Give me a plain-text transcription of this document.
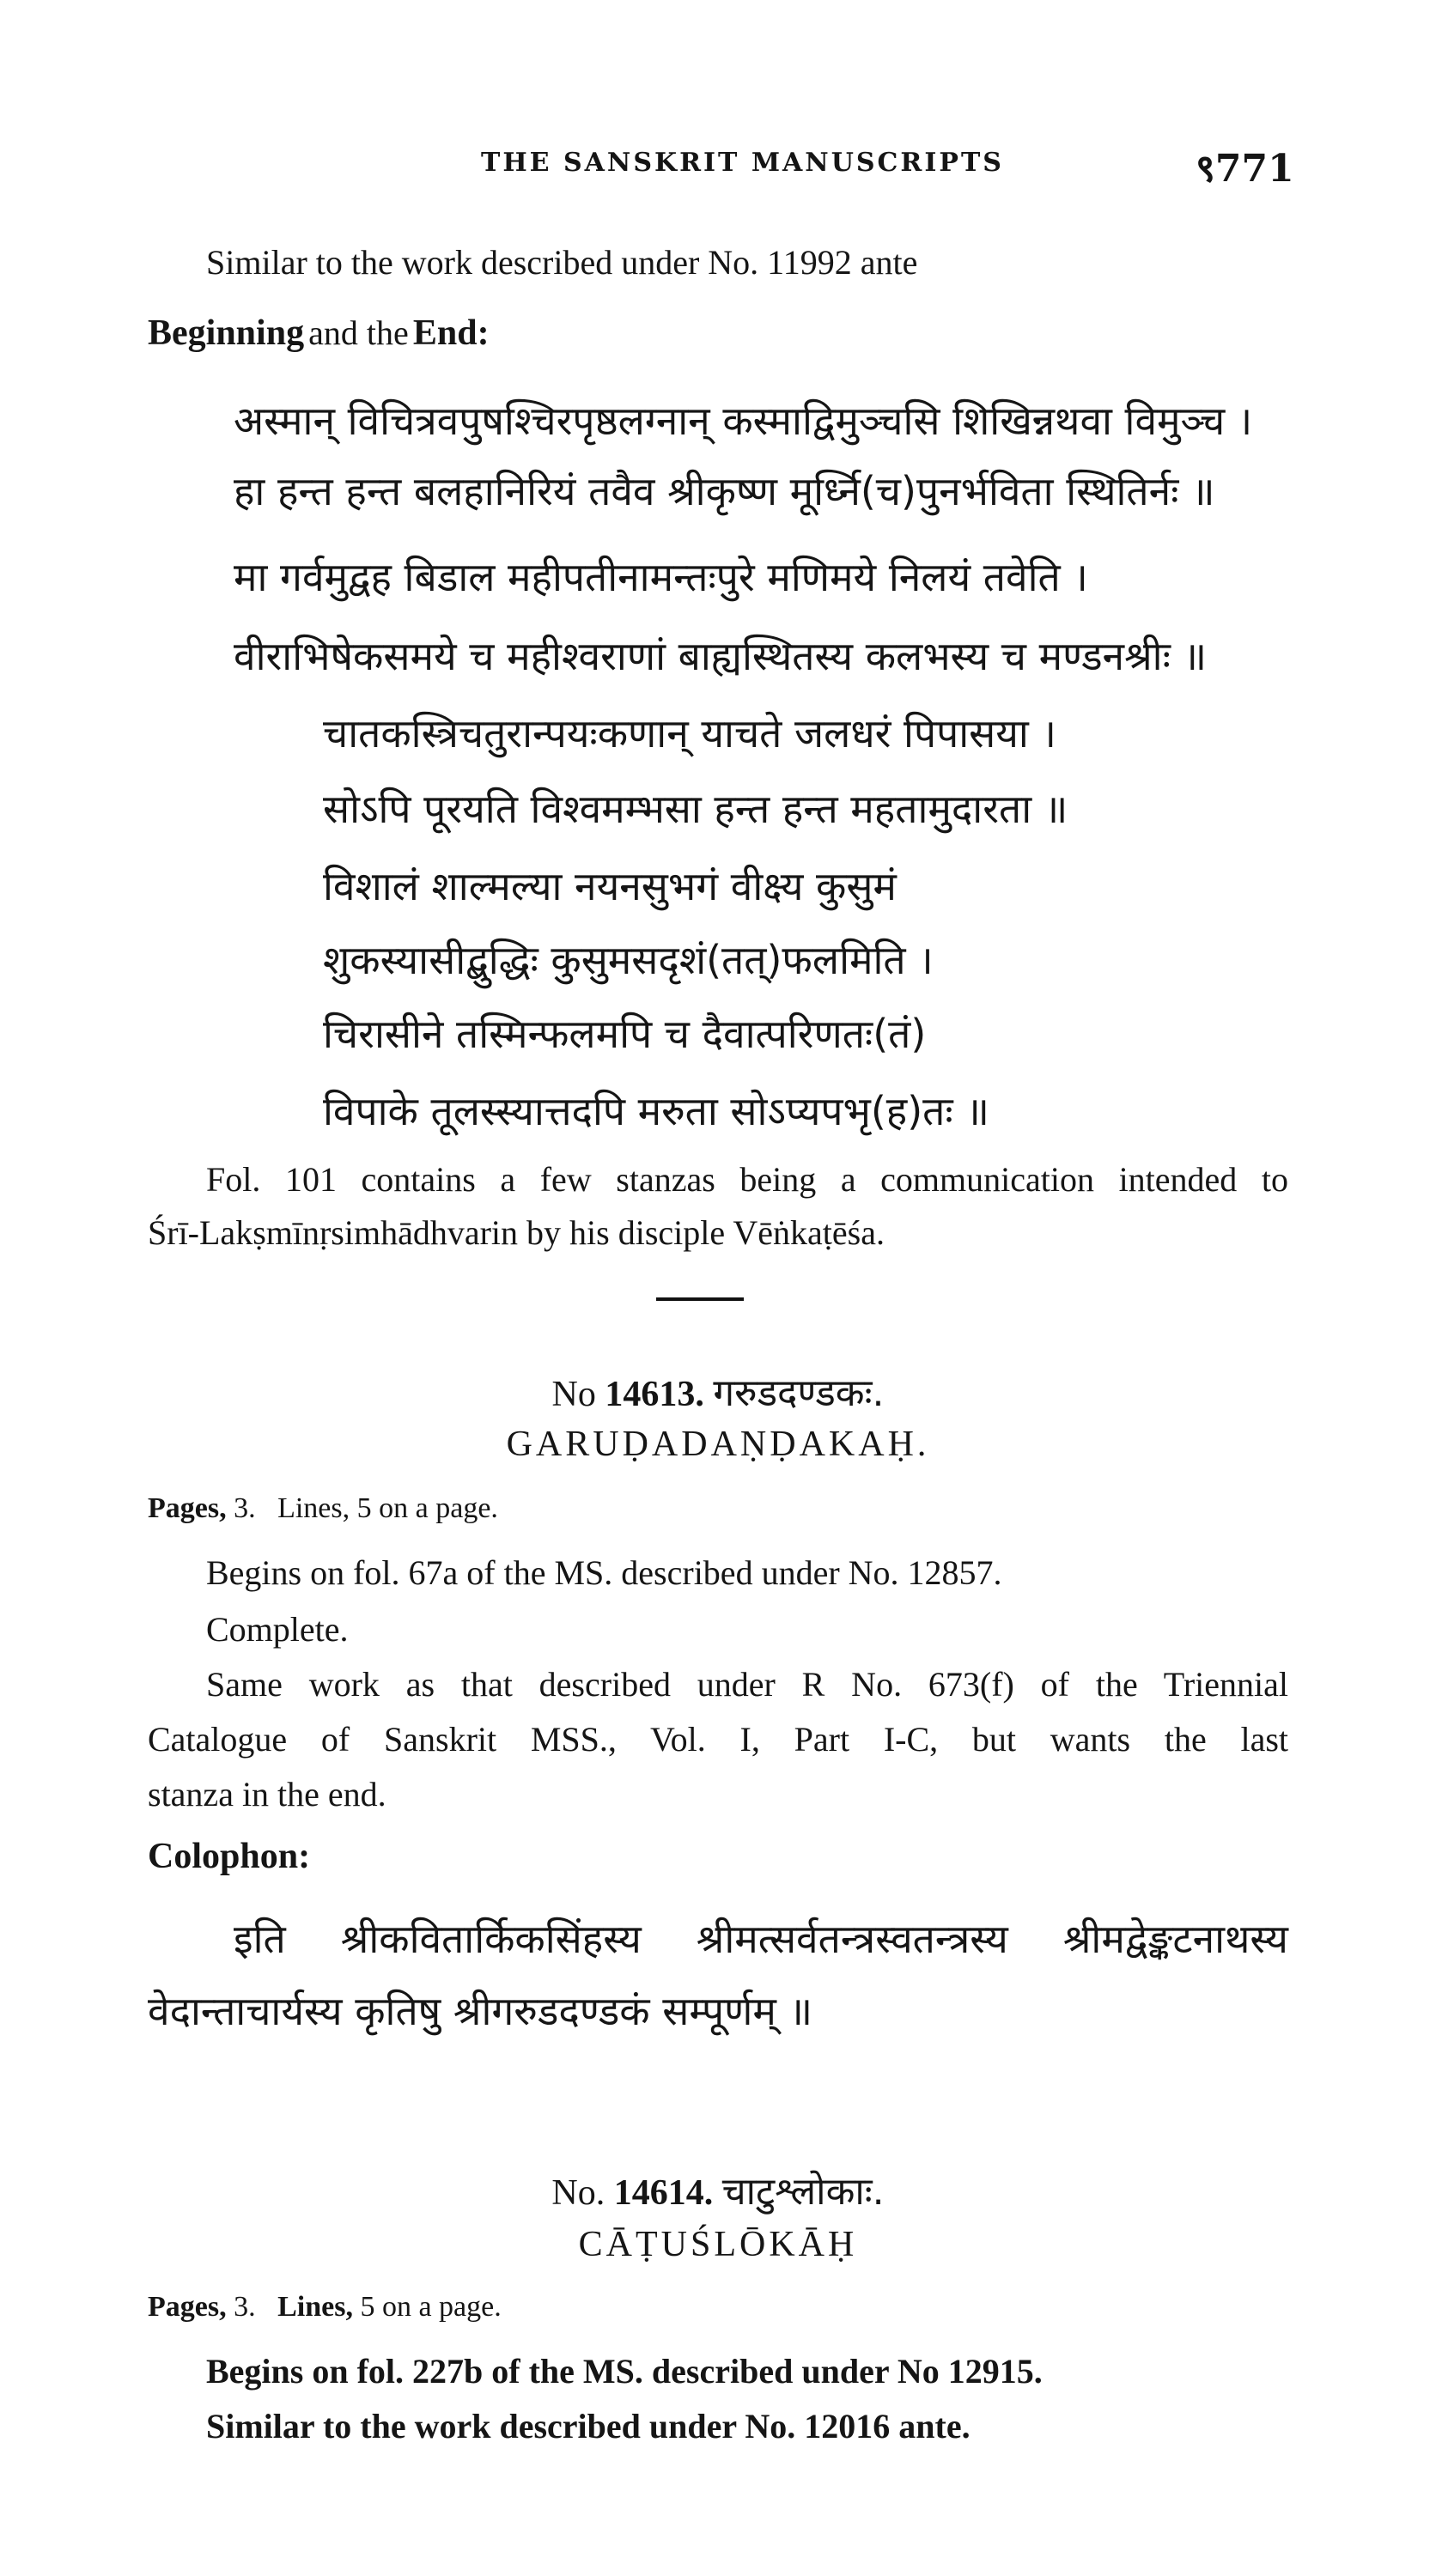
THE SANSKRIT MANUSCRIPTS	९771
Similar to the work described under No. 11992 ante
Beginning and the End:
अस्मान् विचित्रवपुषश्चिरपृष्ठलग्नान् कस्माद्विमुञ्चसि शिखिन्नथवा विमुञ्च ।
हा हन्त हन्त बलहानिरियं तवैव श्रीकृष्ण मूर्ध्नि(च)पुनर्भविता स्थितिर्नः ॥
मा गर्वमुद्वह बिडाल महीपतीनामन्तःपुरे मणिमये निलयं तवेति ।
वीराभिषेकसमये च महीश्वराणां बाह्यस्थितस्य कलभस्य च मण्डनश्रीः ॥
चातकस्त्रिचतुरान्पयःकणान् याचते जलधरं पिपासया ।
सोऽपि पूरयति विश्वमम्भसा हन्त हन्त महतामुदारता ॥
विशालं शाल्मल्या नयनसुभगं वीक्ष्य कुसुमं
शुकस्यासीद्बुद्धिः कुसुमसदृशं(तत्)फलमिति ।
चिरासीने तस्मिन्फलमपि च दैवात्परिणतः(तं)
विपाके तूलस्स्यात्तदपि मरुता सोऽप्यपभृ(ह)तः ॥
Fol. 101 contains a few stanzas being a communication intended to
Śrī-Lakṣmīnṛsimhādhvarin by his disciple Vēṅkaṭēśa.
No 14613. गरुडदण्डकः.
GARUḌADAṆḌAKAḤ.
Pages, 3. Lines, 5 on a page.
Begins on fol. 67a of the MS. described under No. 12857.
Complete.
Same work as that described under R No. 673(f) of the Triennial
Catalogue of Sanskrit MSS., Vol. I, Part I-C, but wants the last
stanza in the end.
Colophon:
इति श्रीकवितार्किकसिंहस्य श्रीमत्सर्वतन्त्रस्वतन्त्रस्य श्रीमद्वेङ्कटनाथस्य
वेदान्ताचार्यस्य कृतिषु श्रीगरुडदण्डकं सम्पूर्णम् ॥
No. 14614. चाटुश्लोकाः.
CĀṬUŚLŌKĀḤ
Pages, 3. Lines, 5 on a page.
Begins on fol. 227b of the MS. described under No 12915.
Similar to the work described under No. 12016 ante.
